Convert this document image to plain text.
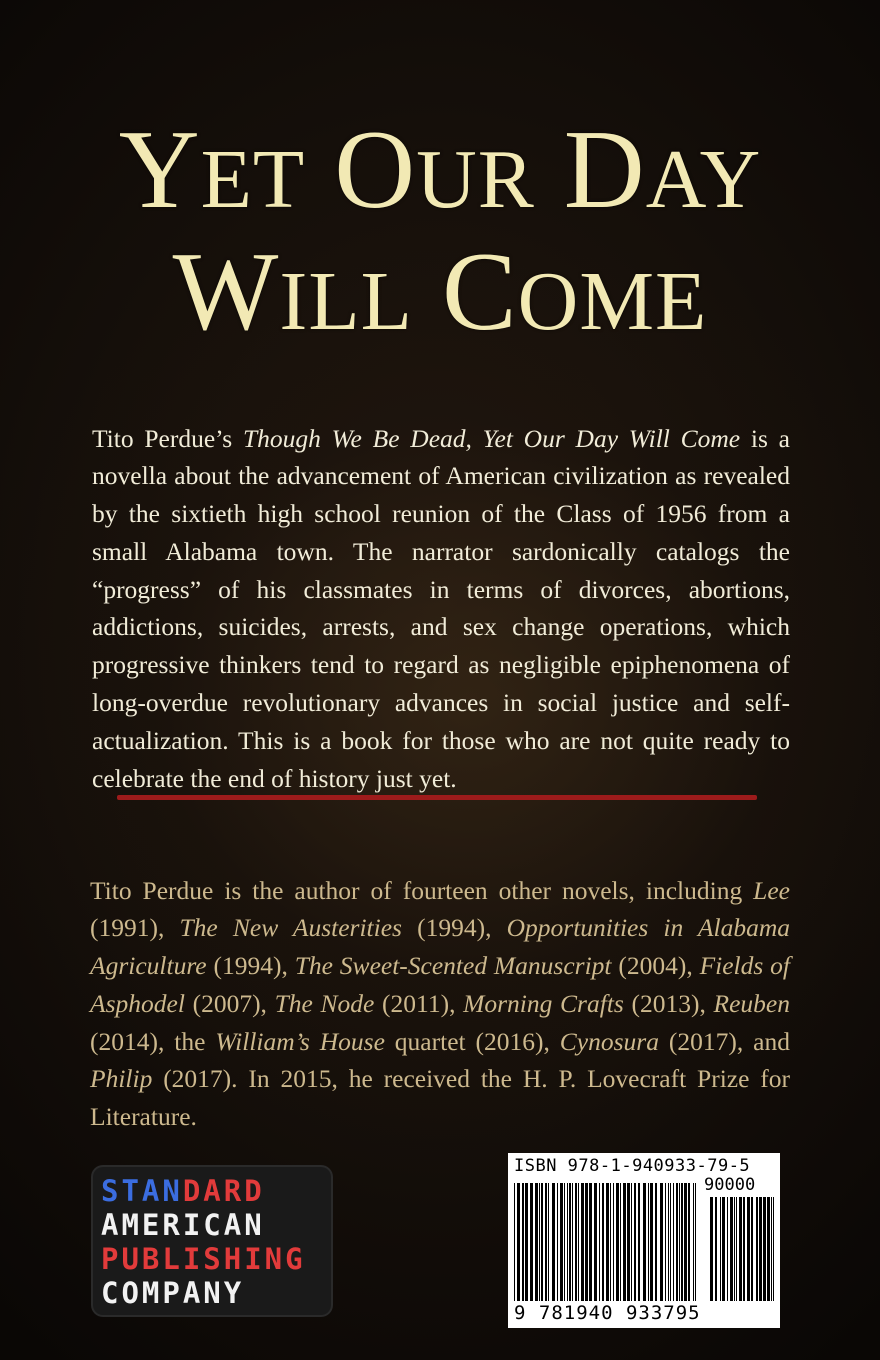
YET OUR DAY
WILL COME

Tito Perdue’s Though We Be Dead, Yet Our Day Will Come is a novella about the advancement of American civilization as revealed by the sixtieth high school reunion of the Class of 1956 from a small Alabama town. The narrator sardonically catalogs the “progress” of his classmates in terms of divorces, abortions, addictions, suicides, arrests, and sex change operations, which progressive thinkers tend to regard as negligible epiphenomena of long-overdue revolutionary advances in social justice and self-actualization. This is a book for those who are not quite ready to celebrate the end of history just yet.

Tito Perdue is the author of fourteen other novels, including Lee (1991), The New Austerities (1994), Opportunities in Alabama Agriculture (1994), The Sweet-Scented Manuscript (2004), Fields of Asphodel (2007), The Node (2011), Morning Crafts (2013), Reuben (2014), the William’s House quartet (2016), Cynosura (2017), and Philip (2017). In 2015, he received the H. P. Lovecraft Prize for Literature.

STANDARD
AMERICAN
PUBLISHING
COMPANY
ISBN 978-1-940933-79-5
90000
9 781940 933795
